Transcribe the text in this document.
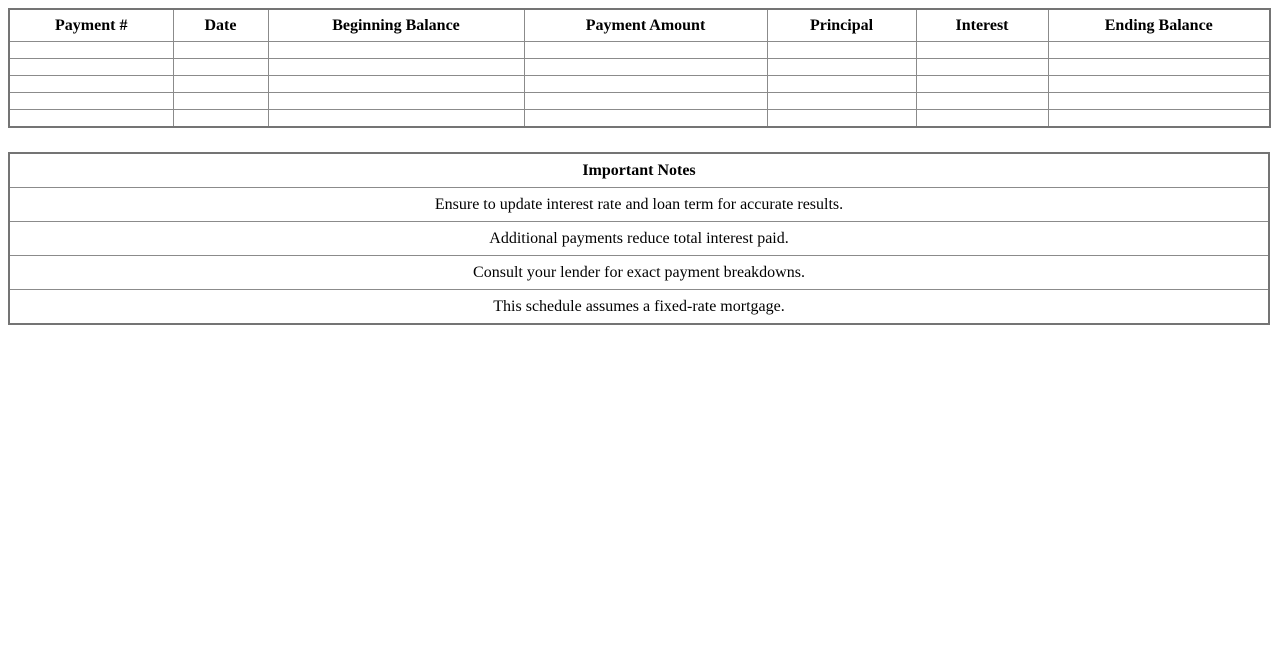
Payment #	Date	Beginning Balance	Payment Amount	Principal	Interest	Ending Balance

Important Notes
Ensure to update interest rate and loan term for accurate results.
Additional payments reduce total interest paid.
Consult your lender for exact payment breakdowns.
This schedule assumes a fixed-rate mortgage.
